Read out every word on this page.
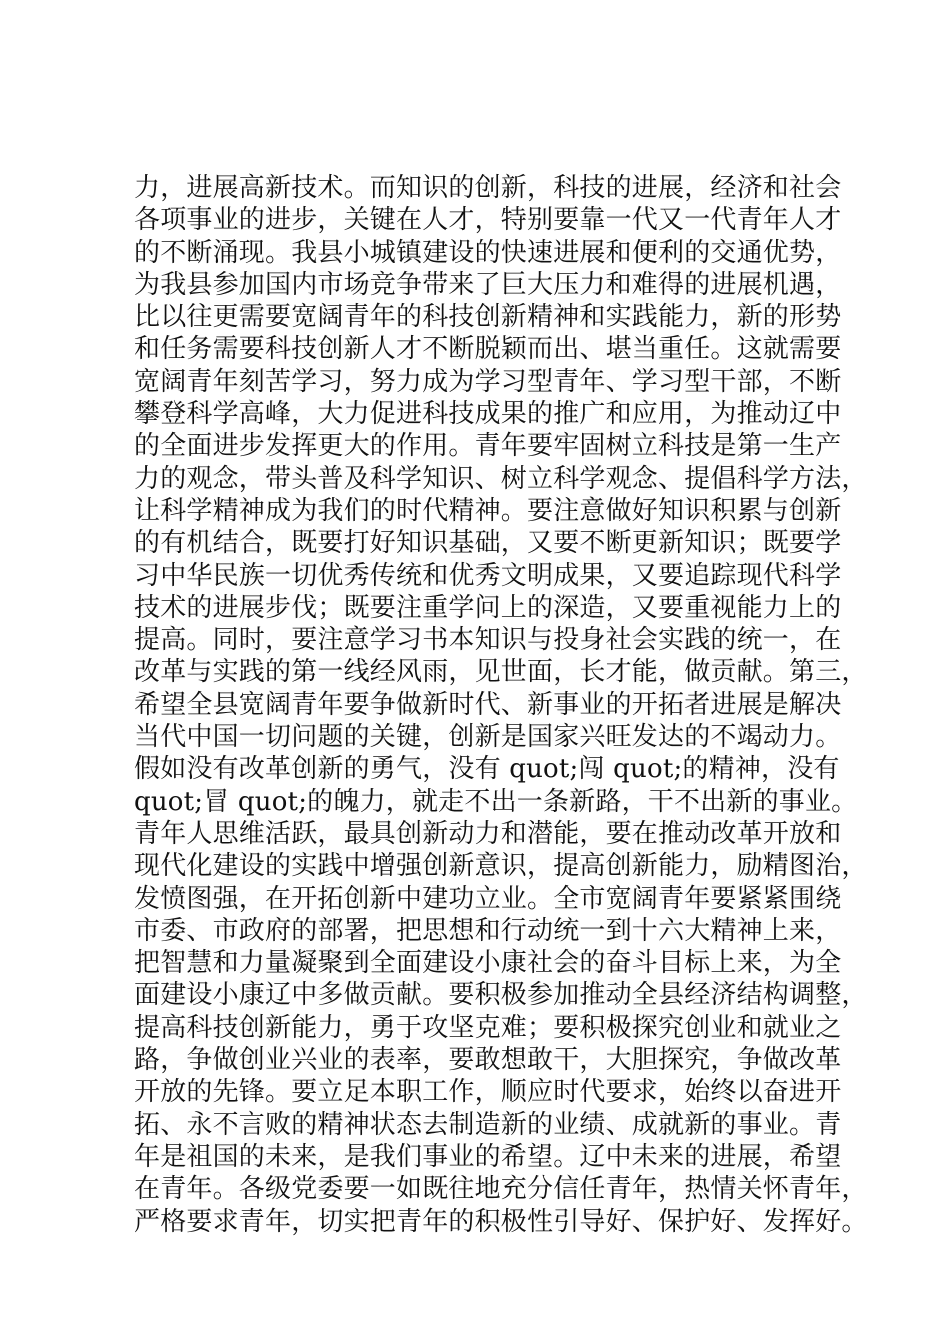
力，进展高新技术。而知识的创新，科技的进展，经济和社会
各项事业的进步，关键在人才，特别要靠一代又一代青年人才
的不断涌现。我县小城镇建设的快速进展和便利的交通优势，
为我县参加国内市场竞争带来了巨大压力和难得的进展机遇，
比以往更需要宽阔青年的科技创新精神和实践能力，新的形势
和任务需要科技创新人才不断脱颖而出、堪当重任。这就需要
宽阔青年刻苦学习，努力成为学习型青年、学习型干部，不断
攀登科学高峰，大力促进科技成果的推广和应用，为推动辽中
的全面进步发挥更大的作用。青年要牢固树立科技是第一生产
力的观念，带头普及科学知识、树立科学观念、提倡科学方法，
让科学精神成为我们的时代精神。要注意做好知识积累与创新
的有机结合，既要打好知识基础，又要不断更新知识；既要学
习中华民族一切优秀传统和优秀文明成果，又要追踪现代科学
技术的进展步伐；既要注重学问上的深造，又要重视能力上的
提高。同时，要注意学习书本知识与投身社会实践的统一，在
改革与实践的第一线经风雨，见世面，长才能，做贡献。第三，
希望全县宽阔青年要争做新时代、新事业的开拓者进展是解决
当代中国一切问题的关键，创新是国家兴旺发达的不竭动力。
假如没有改革创新的勇气，没有 quot;闯 quot;的精神，没有
quot;冒 quot;的魄力，就走不出一条新路，干不出新的事业。
青年人思维活跃，最具创新动力和潜能，要在推动改革开放和
现代化建设的实践中增强创新意识，提高创新能力，励精图治，
发愤图强，在开拓创新中建功立业。全市宽阔青年要紧紧围绕
市委、市政府的部署，把思想和行动统一到十六大精神上来，
把智慧和力量凝聚到全面建设小康社会的奋斗目标上来，为全
面建设小康辽中多做贡献。要积极参加推动全县经济结构调整，
提高科技创新能力，勇于攻坚克难；要积极探究创业和就业之
路，争做创业兴业的表率，要敢想敢干，大胆探究，争做改革
开放的先锋。要立足本职工作，顺应时代要求，始终以奋进开
拓、永不言败的精神状态去制造新的业绩、成就新的事业。青
年是祖国的未来，是我们事业的希望。辽中未来的进展，希望
在青年。各级党委要一如既往地充分信任青年，热情关怀青年，
严格要求青年，切实把青年的积极性引导好、保护好、发挥好。
